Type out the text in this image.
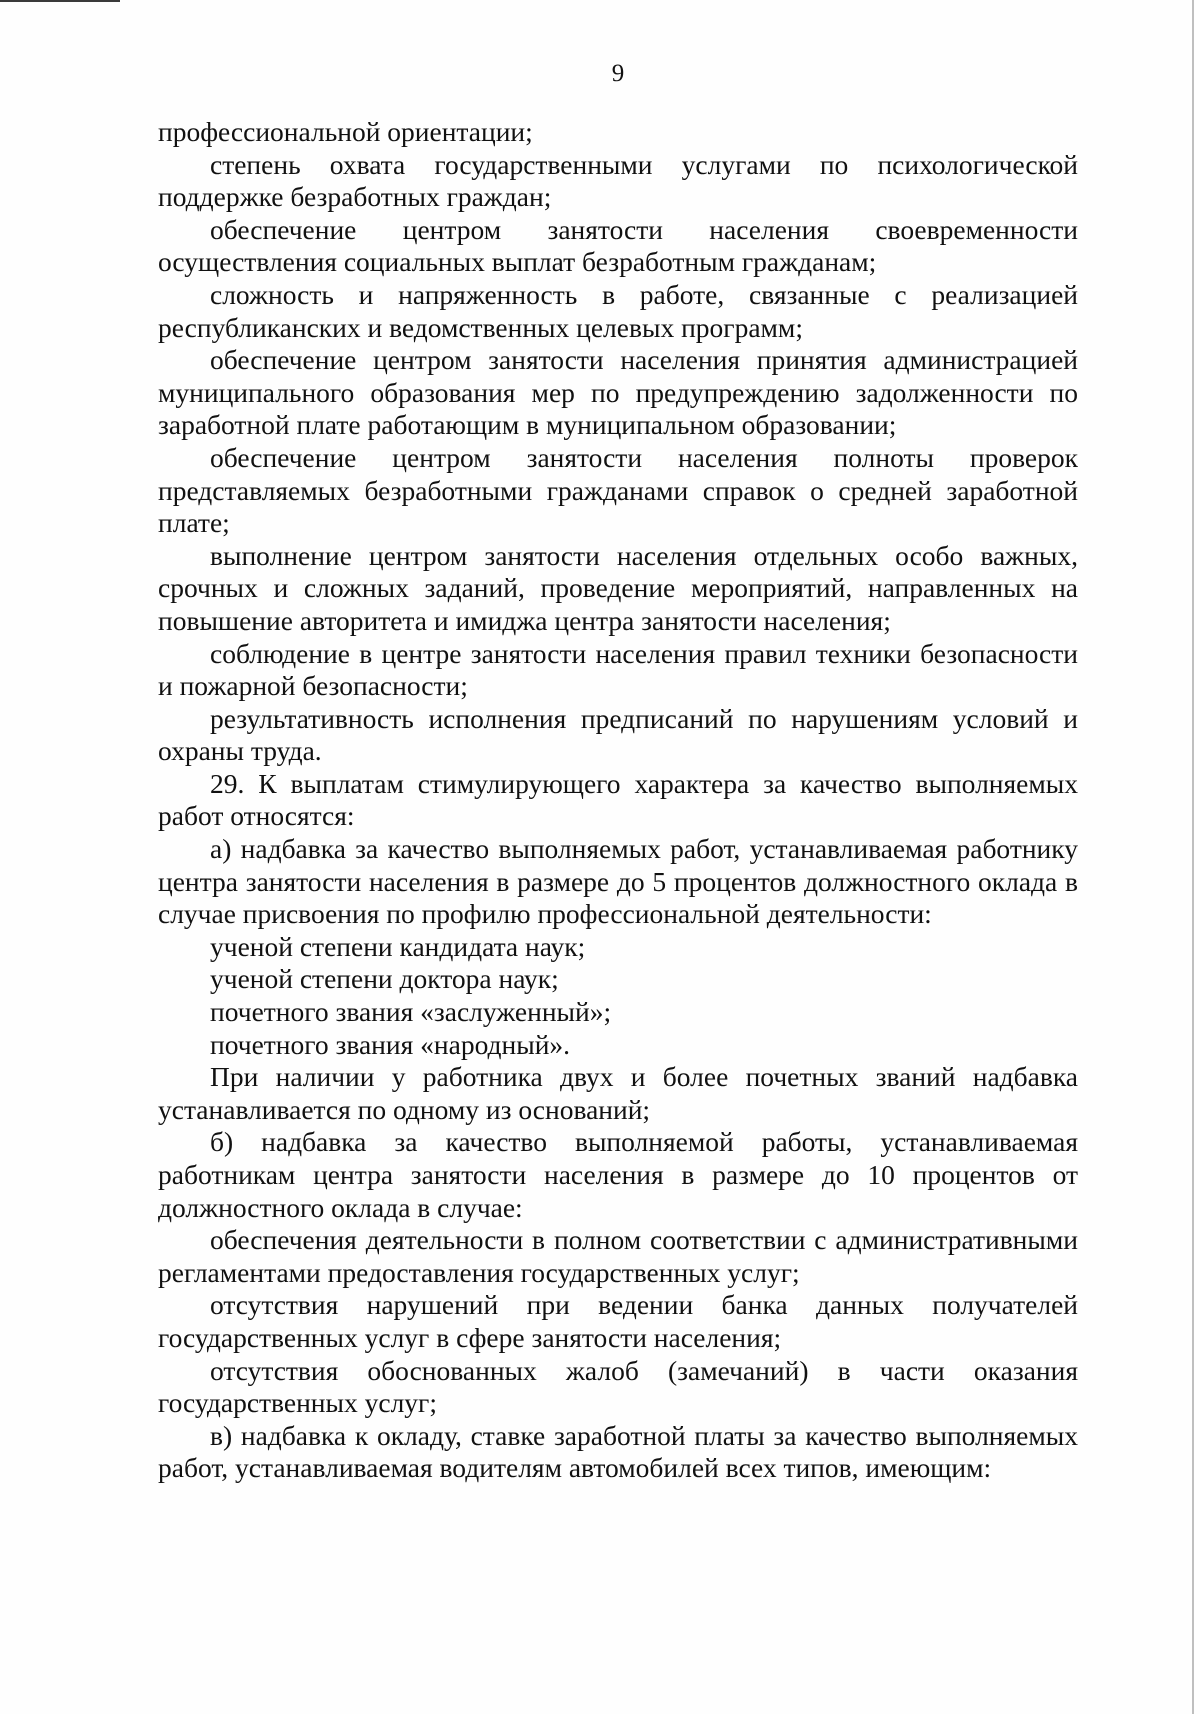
9

профессиональной ориентации;

степень охвата государственными услугами по психологической поддержке безработных граждан;

обеспечение центром занятости населения своевременности осуществления социальных выплат безработным гражданам;

сложность и напряженность в работе, связанные с реализацией республиканских и ведомственных целевых программ;

обеспечение центром занятости населения принятия администрацией муниципального образования мер по предупреждению задолженности по заработной плате работающим в муниципальном образовании;

обеспечение центром занятости населения полноты проверок представляемых безработными гражданами справок о средней заработной плате;

выполнение центром занятости населения отдельных особо важных, срочных и сложных заданий, проведение мероприятий, направленных на повышение авторитета и имиджа центра занятости населения;

соблюдение в центре занятости населения правил техники безопасности и пожарной безопасности;

результативность исполнения предписаний по нарушениям условий и охраны труда.

29. К выплатам стимулирующего характера за качество выполняемых работ относятся:

а) надбавка за качество выполняемых работ, устанавливаемая работнику центра занятости населения в размере до 5 процентов должностного оклада в случае присвоения по профилю профессиональной деятельности:

ученой степени кандидата наук;

ученой степени доктора наук;

почетного звания «заслуженный»;

почетного звания «народный».

При наличии у работника двух и более почетных званий надбавка устанавливается по одному из оснований;

б) надбавка за качество выполняемой работы, устанавливаемая работникам центра занятости населения в размере до 10 процентов от должностного оклада в случае:

обеспечения деятельности в полном соответствии с административными регламентами предоставления государственных услуг;

отсутствия нарушений при ведении банка данных получателей государственных услуг в сфере занятости населения;

отсутствия обоснованных жалоб (замечаний) в части оказания государственных услуг;

в) надбавка к окладу, ставке заработной платы за качество выполняемых работ, устанавливаемая водителям автомобилей всех типов, имеющим:
